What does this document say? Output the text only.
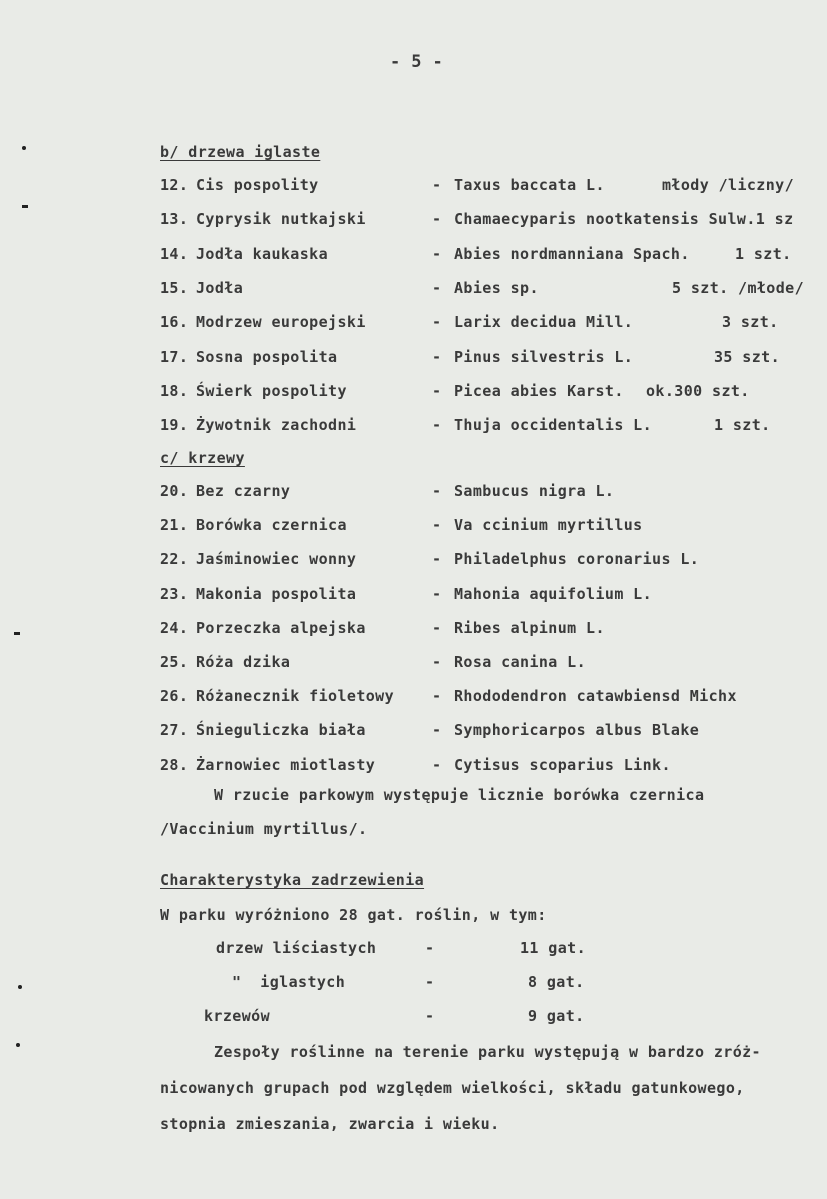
- 5 -
b/ drzewa iglaste
12. Cis pospolity	- Taxus baccata L.	młody /liczny/
13. Cyprysik nutkajski	- Chamaecyparis nootkatensis Sulw.1 sz
14. Jodła kaukaska	- Abies nordmanniana Spach.	1 szt.
15. Jodła	- Abies sp.	5 szt. /młode/
16. Modrzew europejski	- Larix decidua Mill.	3 szt.
17. Sosna pospolita	- Pinus silvestris L.	35 szt.
18. Świerk pospolity	- Picea abies Karst. ok.300 szt.
19. Żywotnik zachodni	- Thuja occidentalis L.	1 szt.
c/ krzewy
20. Bez czarny	- Sambucus nigra L.
21. Borówka czernica	- Va ccinium myrtillus
22. Jaśminowiec wonny	- Philadelphus coronarius L.
23. Makonia pospolita	- Mahonia aquifolium L.
24. Porzeczka alpejska	- Ribes alpinum L.
25. Róża dzika	- Rosa canina L.
26. Różanecznik fioletowy	- Rhododendron catawbiensd Michx
27. Śnieguliczka biała	- Symphoricarpos albus Blake
28. Żarnowiec miotlasty	- Cytisus scoparius Link.
W rzucie parkowym występuje licznie borówka czernica
/Vaccinium myrtillus/.
Charakterystyka zadrzewienia
W parku wyróżniono 28 gat. roślin, w tym:
drzew liściastych	-	11 gat.
"  iglastych	-	8 gat.
krzewów	-	9 gat.
Zespoły roślinne na terenie parku występują w bardzo zróż-
nicowanych grupach pod względem wielkości, składu gatunkowego,
stopnia zmieszania, zwarcia i wieku.
